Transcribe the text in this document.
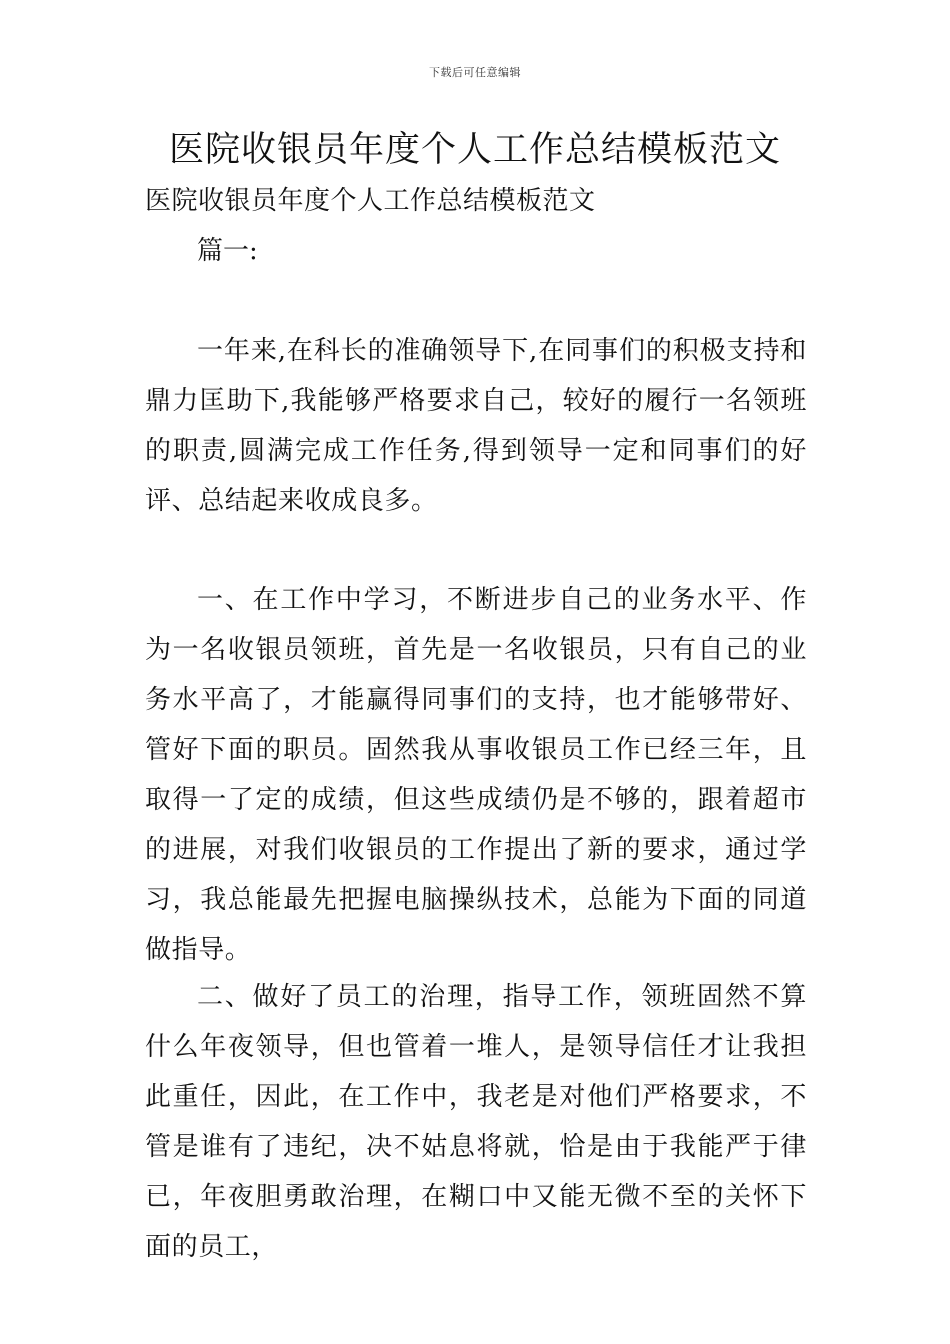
下载后可任意编辑
医院收银员年度个人工作总结模板范文

医院收银员年度个人工作总结模板范文

篇一:

一年来,在科长的准确领导下,在同事们的积极支持和鼎力匡助下,我能够严格要求自己，较好的履行一名领班的职责,圆满完成工作任务,得到领导一定和同事们的好评、总结起来收成良多。

一、在工作中学习，不断进步自己的业务水平、作为一名收银员领班，首先是一名收银员，只有自己的业务水平高了，才能赢得同事们的支持，也才能够带好、管好下面的职员。固然我从事收银员工作已经三年，且取得一了定的成绩，但这些成绩仍是不够的，跟着超市的进展，对我们收银员的工作提出了新的要求，通过学习，我总能最先把握电脑操纵技术，总能为下面的同道做指导。

二、做好了员工的治理，指导工作，领班固然不算什么年夜领导，但也管着一堆人，是领导信任才让我担此重任，因此，在工作中，我老是对他们严格要求，不管是谁有了违纪，决不姑息将就，恰是由于我能严于律已，年夜胆勇敢治理，在糊口中又能无微不至的关怀下面的员工，
